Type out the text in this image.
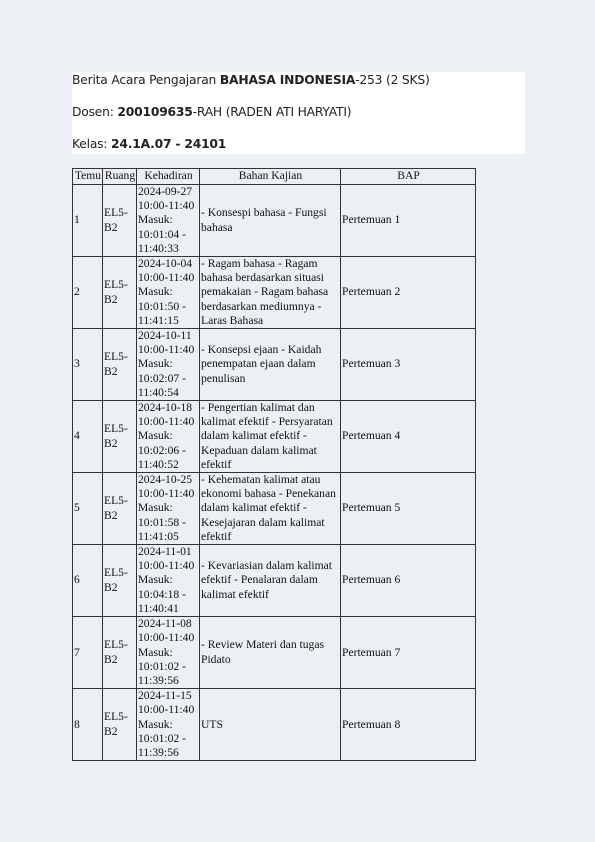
Berita Acara Pengajaran BAHASA INDONESIA-253 (2 SKS)
Dosen: 200109635-RAH (RADEN ATI HARYATI)
Kelas: 24.1A.07 - 24101
Temu	Ruang	Kehadiran	Bahan Kajian	BAP
1	EL5-B2	2024-09-27
10:00-11:40
Masuk:
10:01:04 -
11:40:33	- Konsespi bahasa - Fungsi bahasa	Pertemuan 1
2	EL5-B2	2024-10-04
10:00-11:40
Masuk:
10:01:50 -
11:41:15	- Ragam bahasa - Ragam bahasa berdasarkan situasi pemakaian - Ragam bahasa berdasarkan mediumnya - Laras Bahasa	Pertemuan 2
3	EL5-B2	2024-10-11
10:00-11:40
Masuk:
10:02:07 -
11:40:54	- Konsepsi ejaan - Kaidah penempatan ejaan dalam penulisan	Pertemuan 3
4	EL5-B2	2024-10-18
10:00-11:40
Masuk:
10:02:06 -
11:40:52	- Pengertian kalimat dan kalimat efektif - Persyaratan dalam kalimat efektif - Kepaduan dalam kalimat efektif	Pertemuan 4
5	EL5-B2	2024-10-25
10:00-11:40
Masuk:
10:01:58 -
11:41:05	- Kehematan kalimat atau ekonomi bahasa - Penekanan dalam kalimat efektif - Kesejajaran dalam kalimat efektif	Pertemuan 5
6	EL5-B2	2024-11-01
10:00-11:40
Masuk:
10:04:18 -
11:40:41	- Kevariasian dalam kalimat efektif - Penalaran dalam kalimat efektif	Pertemuan 6
7	EL5-B2	2024-11-08
10:00-11:40
Masuk:
10:01:02 -
11:39:56	- Review Materi dan tugas Pidato	Pertemuan 7
8	EL5-B2	2024-11-15
10:00-11:40
Masuk:
10:01:02 -
11:39:56	UTS	Pertemuan 8
